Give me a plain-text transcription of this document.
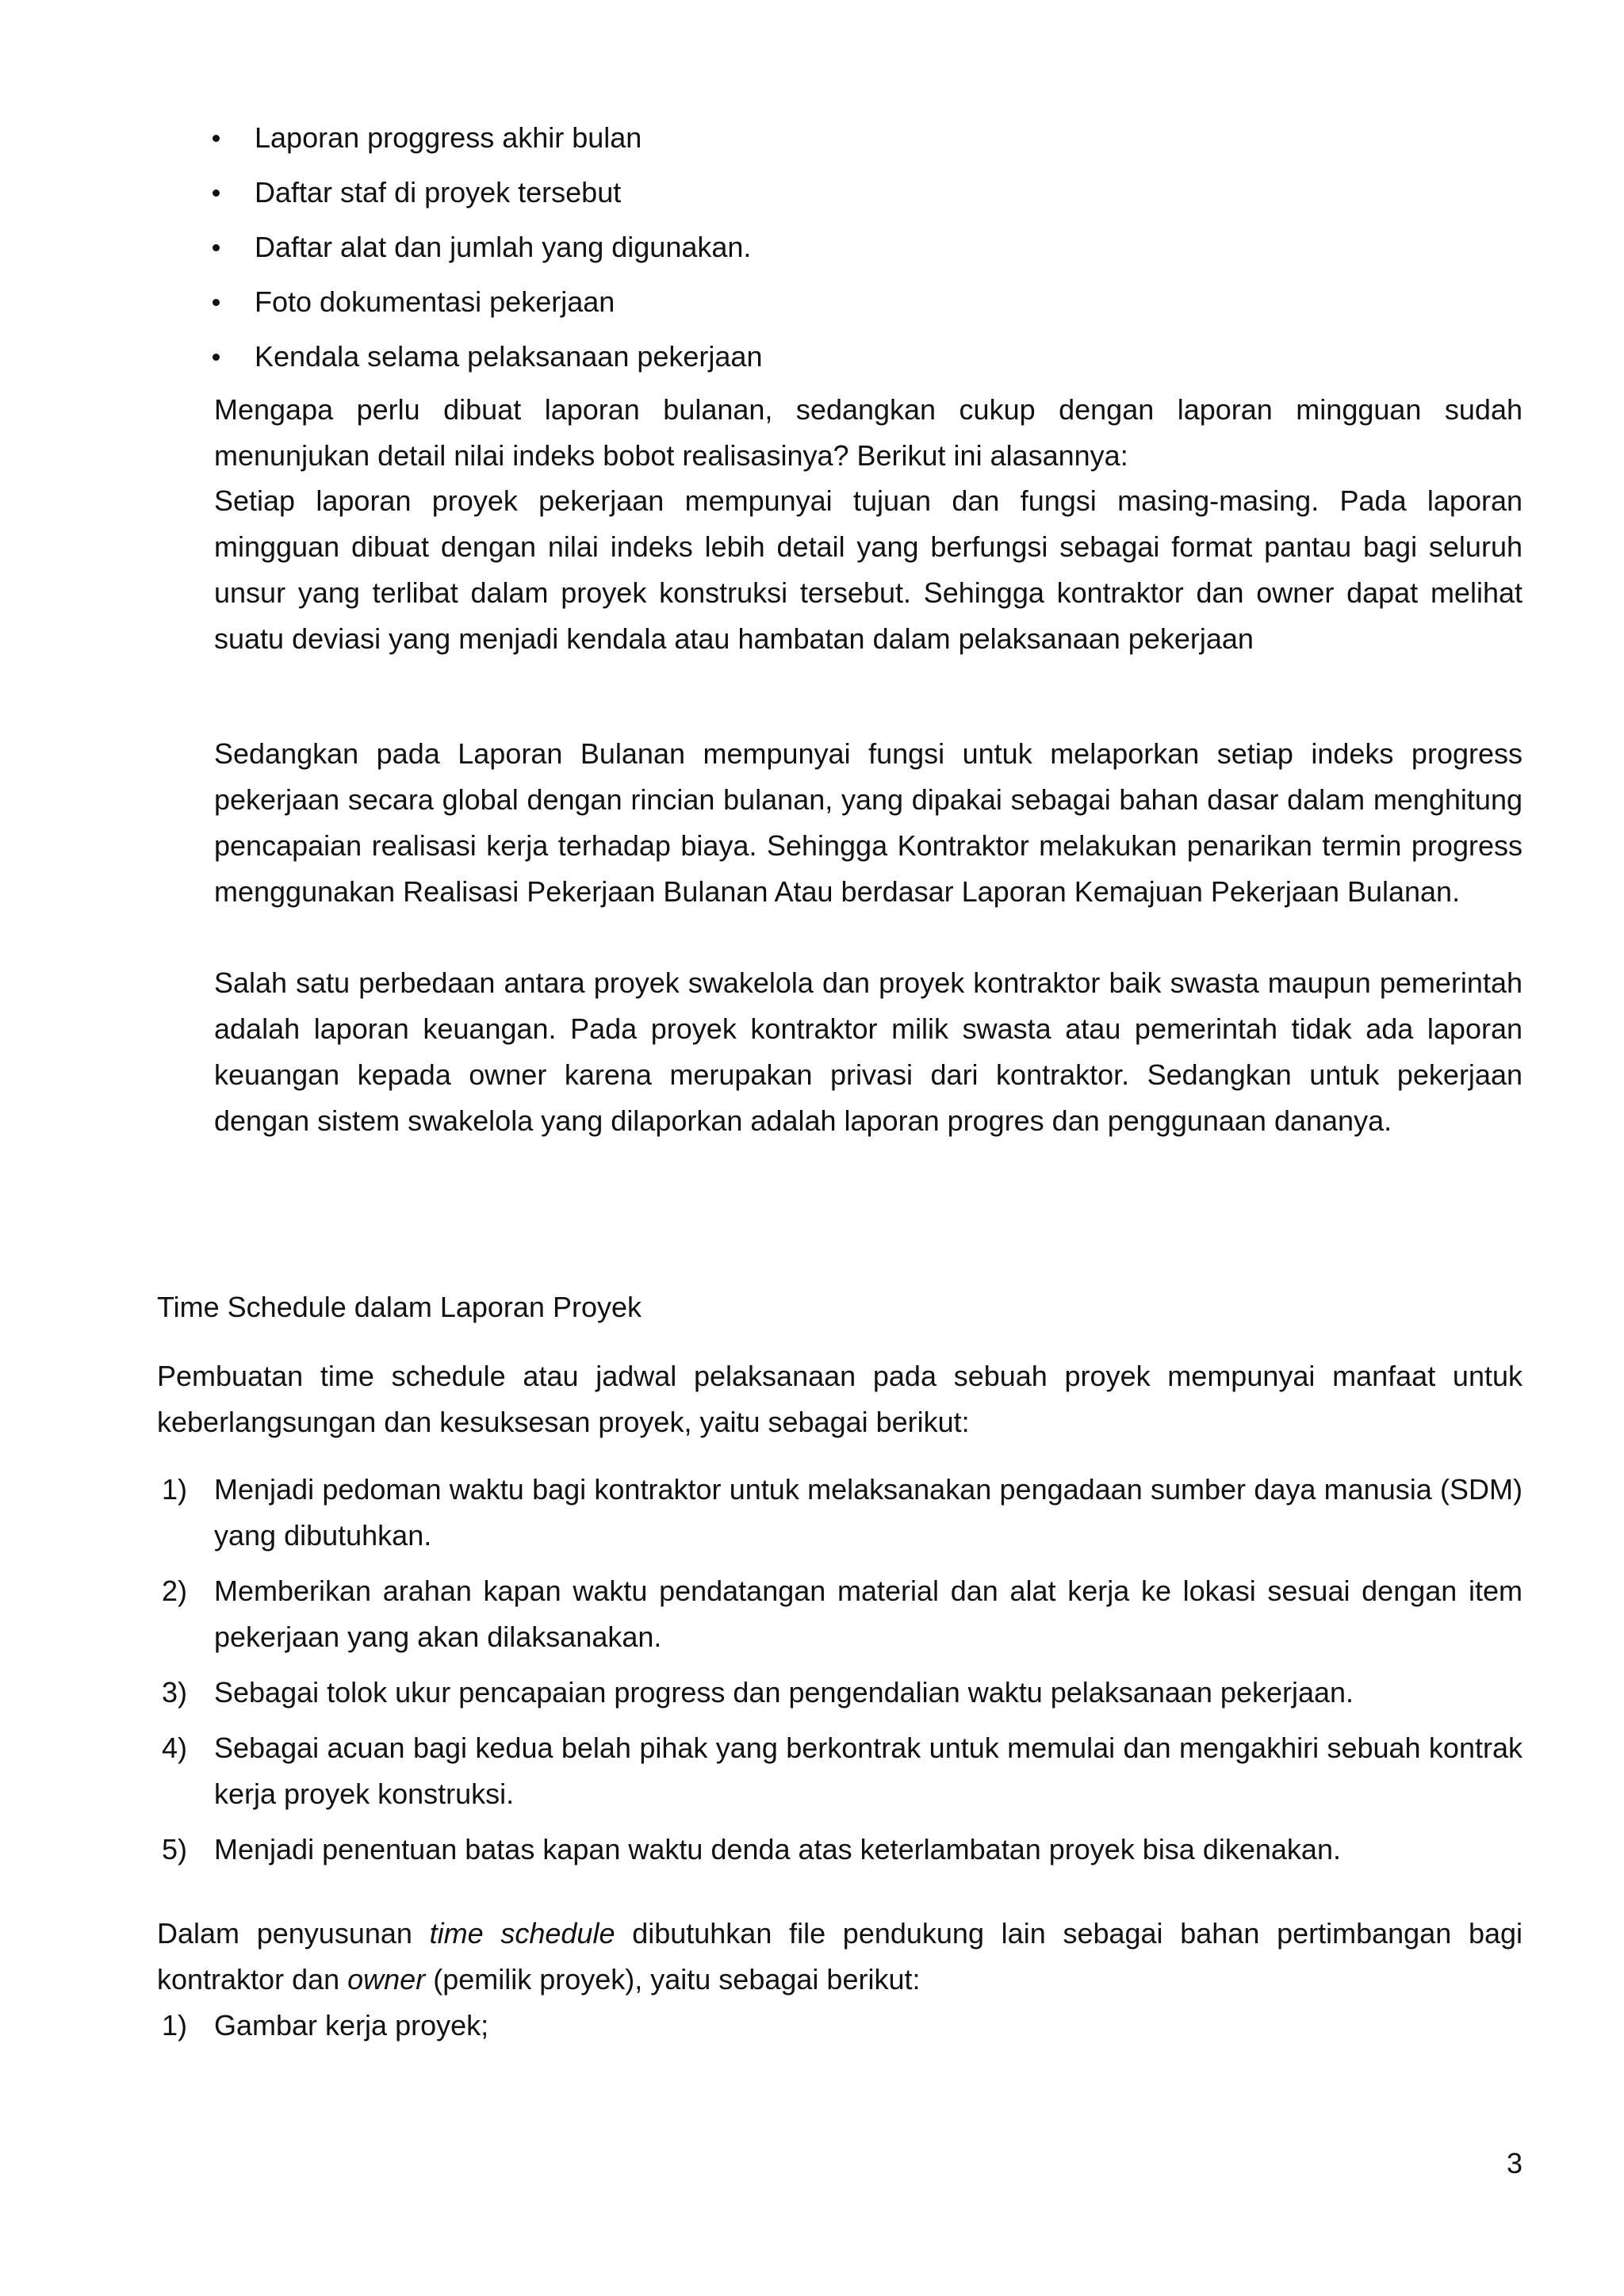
Laporan proggress akhir bulan
Daftar staf di proyek tersebut
Daftar alat dan jumlah yang digunakan.
Foto dokumentasi pekerjaan
Kendala selama pelaksanaan pekerjaan

Mengapa perlu dibuat laporan bulanan, sedangkan cukup dengan laporan mingguan sudah menunjukan detail nilai indeks bobot realisasinya? Berikut ini alasannya:

Setiap laporan proyek pekerjaan mempunyai tujuan dan fungsi masing-masing. Pada laporan mingguan dibuat dengan nilai indeks lebih detail yang berfungsi sebagai format pantau bagi seluruh unsur yang terlibat dalam proyek konstruksi tersebut. Sehingga kontraktor dan owner dapat melihat suatu deviasi yang menjadi kendala atau hambatan dalam pelaksanaan pekerjaan

Sedangkan pada Laporan Bulanan mempunyai fungsi untuk melaporkan setiap indeks progress pekerjaan secara global dengan rincian bulanan, yang dipakai sebagai bahan dasar dalam menghitung pencapaian realisasi kerja terhadap biaya. Sehingga Kontraktor melakukan penarikan termin progress menggunakan Realisasi Pekerjaan Bulanan Atau berdasar Laporan Kemajuan Pekerjaan Bulanan.

Salah satu perbedaan antara proyek swakelola dan proyek kontraktor baik swasta maupun pemerintah adalah laporan keuangan. Pada proyek kontraktor milik swasta atau pemerintah tidak ada laporan keuangan kepada owner karena merupakan privasi dari kontraktor. Sedangkan untuk pekerjaan dengan sistem swakelola yang dilaporkan adalah laporan progres dan penggunaan dananya.

Time Schedule dalam Laporan Proyek

Pembuatan time schedule atau jadwal pelaksanaan pada sebuah proyek mempunyai manfaat untuk keberlangsungan dan kesuksesan proyek, yaitu sebagai berikut:

1) Menjadi pedoman waktu bagi kontraktor untuk melaksanakan pengadaan sumber daya manusia (SDM) yang dibutuhkan.
2) Memberikan arahan kapan waktu pendatangan material dan alat kerja ke lokasi sesuai dengan item pekerjaan yang akan dilaksanakan.
3) Sebagai tolok ukur pencapaian progress dan pengendalian waktu pelaksanaan pekerjaan.
4) Sebagai acuan bagi kedua belah pihak yang berkontrak untuk memulai dan mengakhiri sebuah kontrak kerja proyek konstruksi.
5) Menjadi penentuan batas kapan waktu denda atas keterlambatan proyek bisa dikenakan.

Dalam penyusunan time schedule dibutuhkan file pendukung lain sebagai bahan pertimbangan bagi kontraktor dan owner (pemilik proyek), yaitu sebagai berikut:

1) Gambar kerja proyek;

3
